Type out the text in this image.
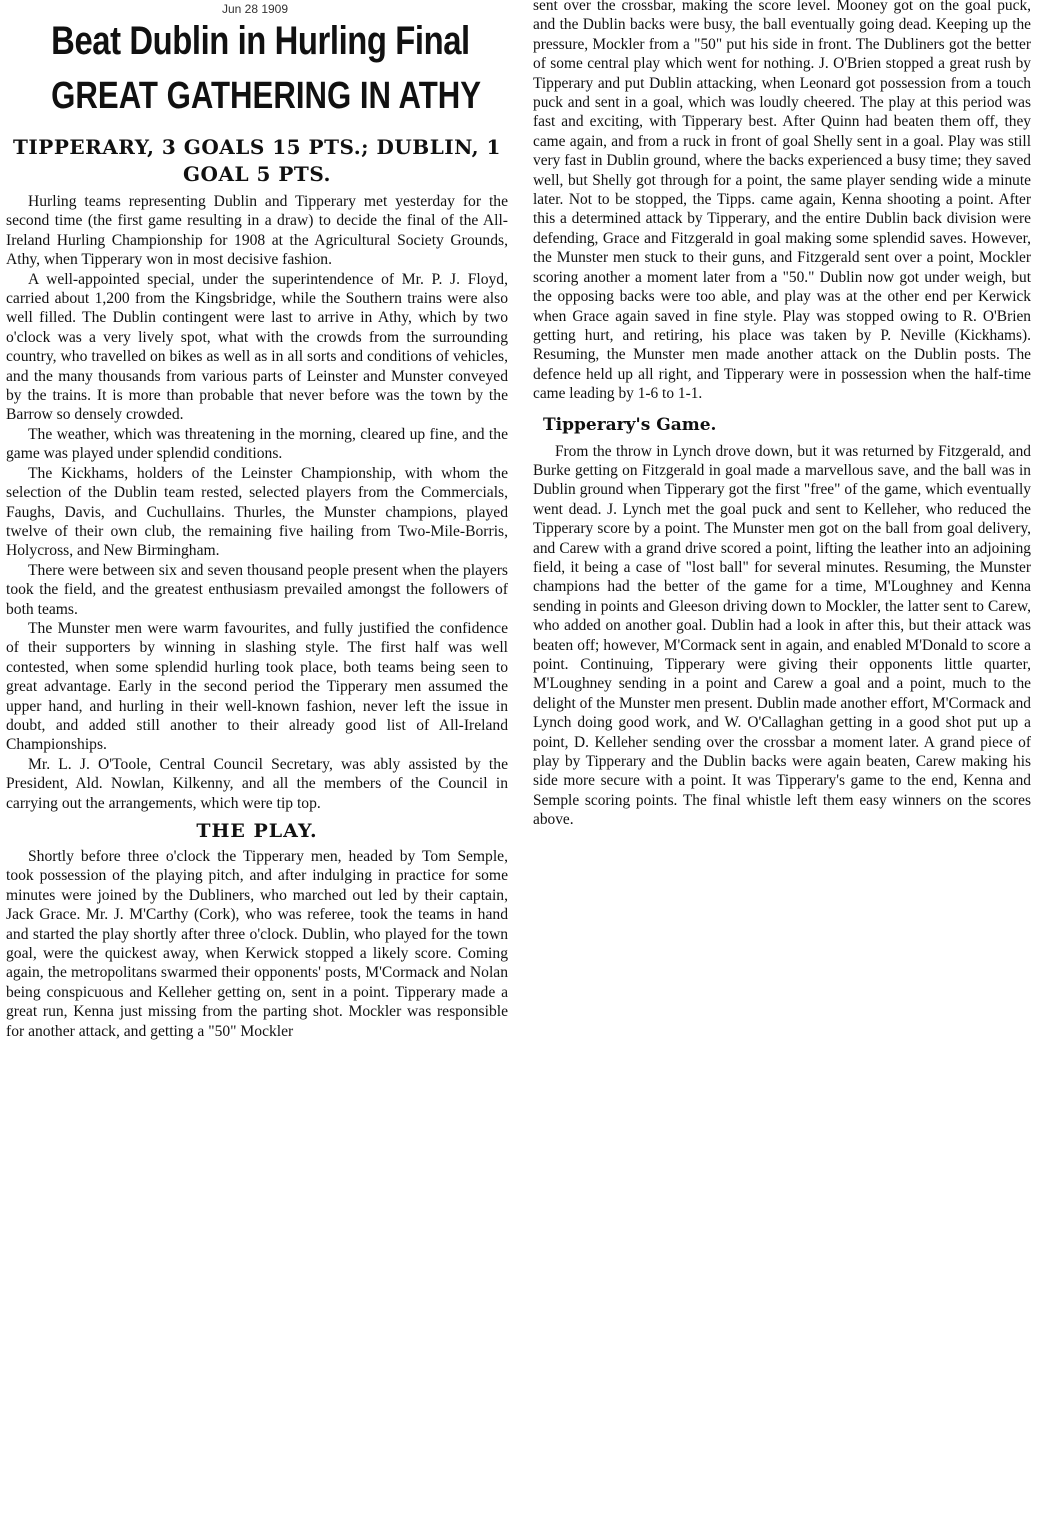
Jun 28 1909
Beat Dublin in Hurling Final
GREAT GATHERING IN ATHY
TIPPERARY, 3 GOALS 15 PTS.; DUBLIN, 1 GOAL 5 PTS.

Hurling teams representing Dublin and Tipperary met yesterday for the second time (the first game resulting in a draw) to decide the final of the All-Ireland Hurling Championship for 1908 at the Agricultural Society Grounds, Athy, when Tipperary won in most decisive fashion.

A well-appointed special, under the superintendence of Mr. P. J. Floyd, carried about 1,200 from the Kingsbridge, while the Southern trains were also well filled. The Dublin contingent were last to arrive in Athy, which by two o'clock was a very lively spot, what with the crowds from the surrounding country, who travelled on bikes as well as in all sorts and conditions of vehicles, and the many thousands from various parts of Leinster and Munster conveyed by the trains. It is more than probable that never before was the town by the Barrow so densely crowded.

The weather, which was threatening in the morning, cleared up fine, and the game was played under splendid conditions.

The Kickhams, holders of the Leinster Championship, with whom the selection of the Dublin team rested, selected players from the Commercials, Faughs, Davis, and Cuchullains. Thurles, the Munster champions, played twelve of their own club, the remaining five hailing from Two-Mile-Borris, Holycross, and New Birmingham.

There were between six and seven thousand people present when the players took the field, and the greatest enthusiasm prevailed amongst the followers of both teams.

The Munster men were warm favourites, and fully justified the confidence of their supporters by winning in slashing style. The first half was well contested, when some splendid hurling took place, both teams being seen to great advantage. Early in the second period the Tipperary men assumed the upper hand, and hurling in their well-known fashion, never left the issue in doubt, and added still another to their already good list of All-Ireland Championships.

Mr. L. J. O'Toole, Central Council Secretary, was ably assisted by the President, Ald. Nowlan, Kilkenny, and all the members of the Council in carrying out the arrangements, which were tip top.

THE PLAY.

Shortly before three o'clock the Tipperary men, headed by Tom Semple, took possession of the playing pitch, and after indulging in practice for some minutes were joined by the Dubliners, who marched out led by their captain, Jack Grace. Mr. J. M'Carthy (Cork), who was referee, took the teams in hand and started the play shortly after three o'clock. Dublin, who played for the town goal, were the quickest away, when Kerwick stopped a likely score. Coming again, the metropolitans swarmed their opponents' posts, M'Cormack and Nolan being conspicuous and Kelleher getting on, sent in a point. Tipperary made a great run, Kenna just missing from the parting shot. Mockler was responsible for another attack, and getting a "50" Mockler

sent over the crossbar, making the score level. Mooney got on the goal puck, and the Dublin backs were busy, the ball eventually going dead. Keeping up the pressure, Mockler from a "50" put his side in front. The Dubliners got the better of some central play which went for nothing. J. O'Brien stopped a great rush by Tipperary and put Dublin attacking, when Leonard got possession from a touch puck and sent in a goal, which was loudly cheered. The play at this period was fast and exciting, with Tipperary best. After Quinn had beaten them off, they came again, and from a ruck in front of goal Shelly sent in a goal. Play was still very fast in Dublin ground, where the backs experienced a busy time; they saved well, but Shelly got through for a point, the same player sending wide a minute later. Not to be stopped, the Tipps. came again, Kenna shooting a point. After this a determined attack by Tipperary, and the entire Dublin back division were defending, Grace and Fitzgerald in goal making some splendid saves. However, the Munster men stuck to their guns, and Fitzgerald sent over a point, Mockler scoring another a moment later from a "50." Dublin now got under weigh, but the opposing backs were too able, and play was at the other end per Kerwick when Grace again saved in fine style. Play was stopped owing to R. O'Brien getting hurt, and retiring, his place was taken by P. Neville (Kickhams). Resuming, the Munster men made another attack on the Dublin posts. The defence held up all right, and Tipperary were in possession when the half-time came leading by 1-6 to 1-1.

Tipperary's Game.

From the throw in Lynch drove down, but it was returned by Fitzgerald, and Burke getting on Fitzgerald in goal made a marvellous save, and the ball was in Dublin ground when Tipperary got the first "free" of the game, which eventually went dead. J. Lynch met the goal puck and sent to Kelleher, who reduced the Tipperary score by a point. The Munster men got on the ball from goal delivery, and Carew with a grand drive scored a point, lifting the leather into an adjoining field, it being a case of "lost ball" for several minutes. Resuming, the Munster champions had the better of the game for a time, M'Loughney and Kenna sending in points and Gleeson driving down to Mockler, the latter sent to Carew, who added on another goal. Dublin had a look in after this, but their attack was beaten off; however, M'Cormack sent in again, and enabled M'Donald to score a point. Continuing, Tipperary were giving their opponents little quarter, M'Loughney sending in a point and Carew a goal and a point, much to the delight of the Munster men present. Dublin made another effort, M'Cormack and Lynch doing good work, and W. O'Callaghan getting in a good shot put up a point, D. Kelleher sending over the crossbar a moment later. A grand piece of play by Tipperary and the Dublin backs were again beaten, Carew making his side more secure with a point. It was Tipperary's game to the end, Kenna and Semple scoring points. The final whistle left them easy winners on the scores above.
